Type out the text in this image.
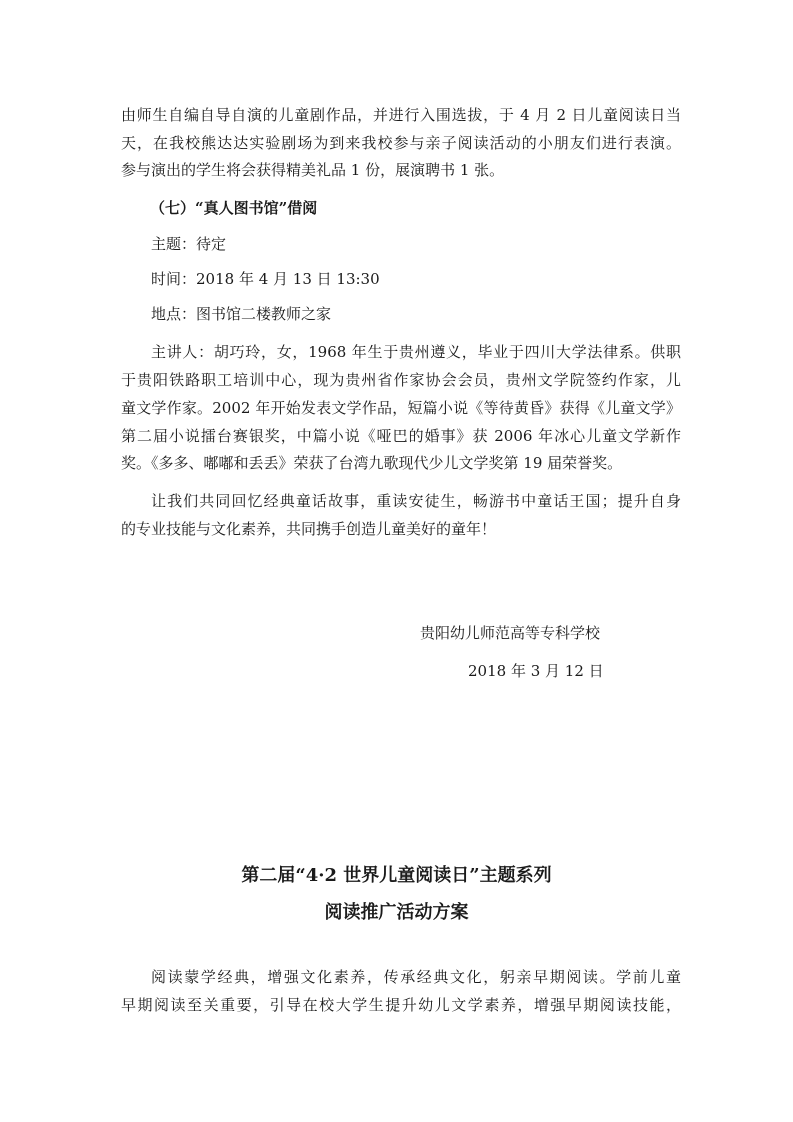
由师生自编自导自演的儿童剧作品，并进行入围选拔，于 4 月 2 日儿童阅读日当
天，在我校熊达达实验剧场为到来我校参与亲子阅读活动的小朋友们进行表演。
参与演出的学生将会获得精美礼品 1 份，展演聘书 1 张。
（七）“真人图书馆”借阅
主题：待定
时间：2018 年 4 月 13 日 13:30
地点：图书馆二楼教师之家
主讲人：胡巧玲，女，1968 年生于贵州遵义，毕业于四川大学法律系。供职
于贵阳铁路职工培训中心，现为贵州省作家协会会员，贵州文学院签约作家，儿
童文学作家。2002 年开始发表文学作品，短篇小说《等待黄昏》获得《儿童文学》
第二届小说擂台赛银奖，中篇小说《哑巴的婚事》获 2006 年冰心儿童文学新作
奖。《多多、嘟嘟和丢丢》荣获了台湾九歌现代少儿文学奖第 19 届荣誉奖。
让我们共同回忆经典童话故事，重读安徒生，畅游书中童话王国；提升自身
的专业技能与文化素养，共同携手创造儿童美好的童年！
贵阳幼儿师范高等专科学校
2018 年 3 月 12 日
第二届“4·2 世界儿童阅读日”主题系列
阅读推广活动方案
阅读蒙学经典，增强文化素养，传承经典文化，躬亲早期阅读。学前儿童
早期阅读至关重要，引导在校大学生提升幼儿文学素养，增强早期阅读技能，
